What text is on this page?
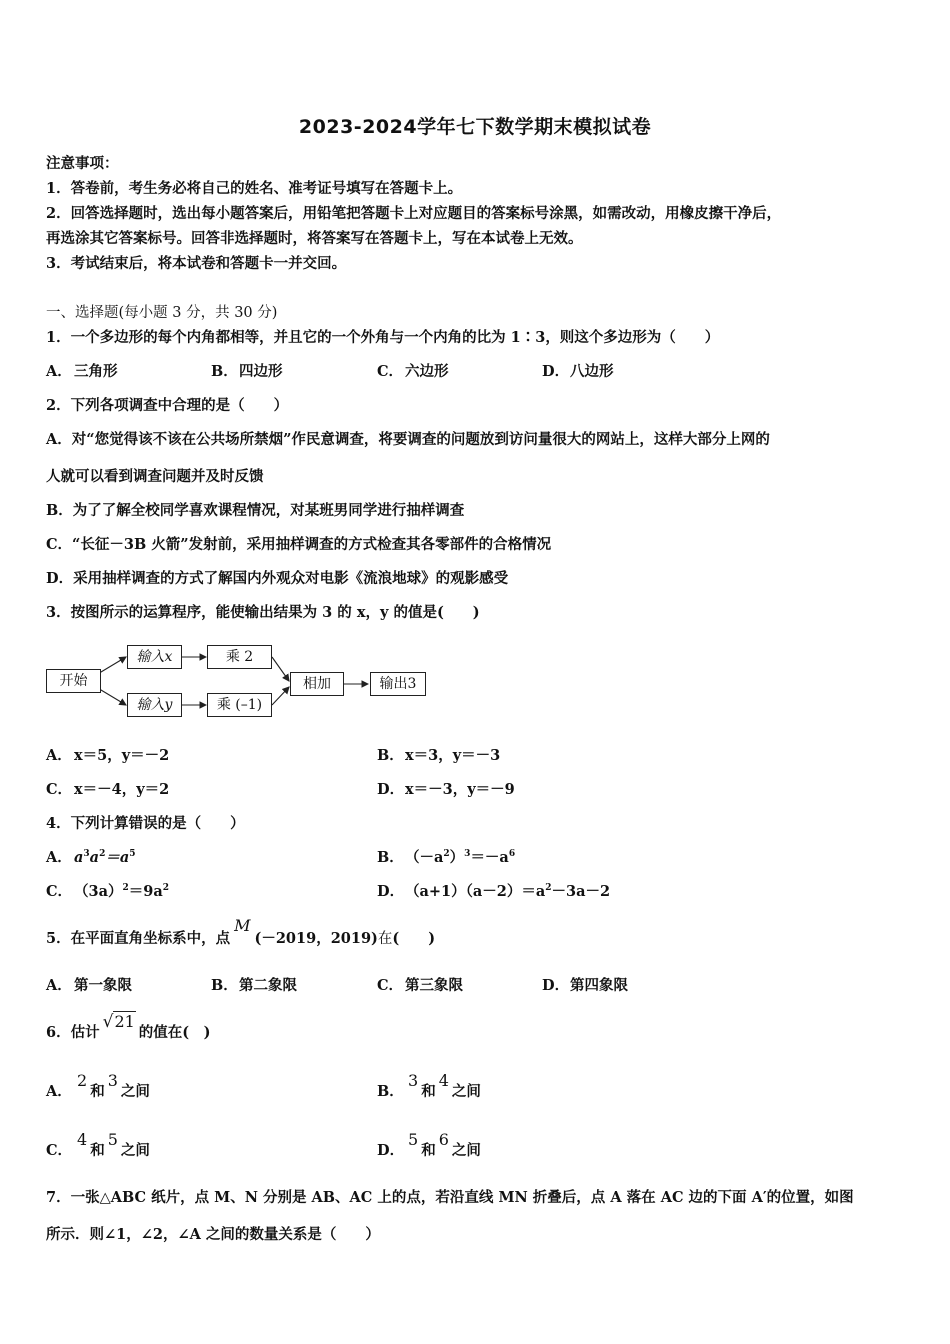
2023-2024学年七下数学期末模拟试卷
注意事项：
1．答卷前，考生务必将自己的姓名、准考证号填写在答题卡上。
2．回答选择题时，选出每小题答案后，用铅笔把答题卡上对应题目的答案标号涂黑，如需改动，用橡皮擦干净后，
再选涂其它答案标号。回答非选择题时，将答案写在答题卡上，写在本试卷上无效。
3．考试结束后，将本试卷和答题卡一并交回。
一、选择题(每小题 3 分，共 30 分)
1．一个多边形的每个内角都相等，并且它的一个外角与一个内角的比为 1∶3，则这个多边形为（　　）
A． 三角形	B．四边形	C． 六边形	D．八边形
2．下列各项调查中合理的是（　　）
A．对“您觉得该不该在公共场所禁烟”作民意调查，将要调查的问题放到访问量很大的网站上，这样大部分上网的
人就可以看到调查问题并及时反馈
B．为了了解全校同学喜欢课程情况，对某班男同学进行抽样调查
C．“长征－3B 火箭”发射前，采用抽样调查的方式检查其各零部件的合格情况
D．采用抽样调查的方式了解国内外观众对电影《流浪地球》的观影感受
3．按图所示的运算程序，能使输出结果为 3 的 x，y 的值是(　　)
开始
输入x
输入y
乘 2
乘 (–1)
相加	输出3
A． x＝5，y＝－2	B．x＝3，y＝－3
C． x＝－4，y＝2	D．x＝－3，y＝－9
4．下列计算错误的是（　　）
A． $a^3a^2=a^5$	B．$(-a^2)^3=-a^6$
C． $(3a)^2=9a^2$	D．$(a+1)(a-2)=a^2-3a-2$
5．在平面直角坐标系中，点M(－2019，2019)在(　　)
A． 第一象限	B．第二象限	C． 第三象限	D．第四象限
6．估计√21的值在(　)
A．2和3之间	B．3和4之间
C．4和5之间	D．5和6之间
7．一张△ABC 纸片，点 M、N 分别是 AB、AC 上的点，若沿直线 MN 折叠后，点 A 落在 AC 边的下面 A′的位置，如图
所示．则∠1，∠2，∠A 之间的数量关系是（　　）
